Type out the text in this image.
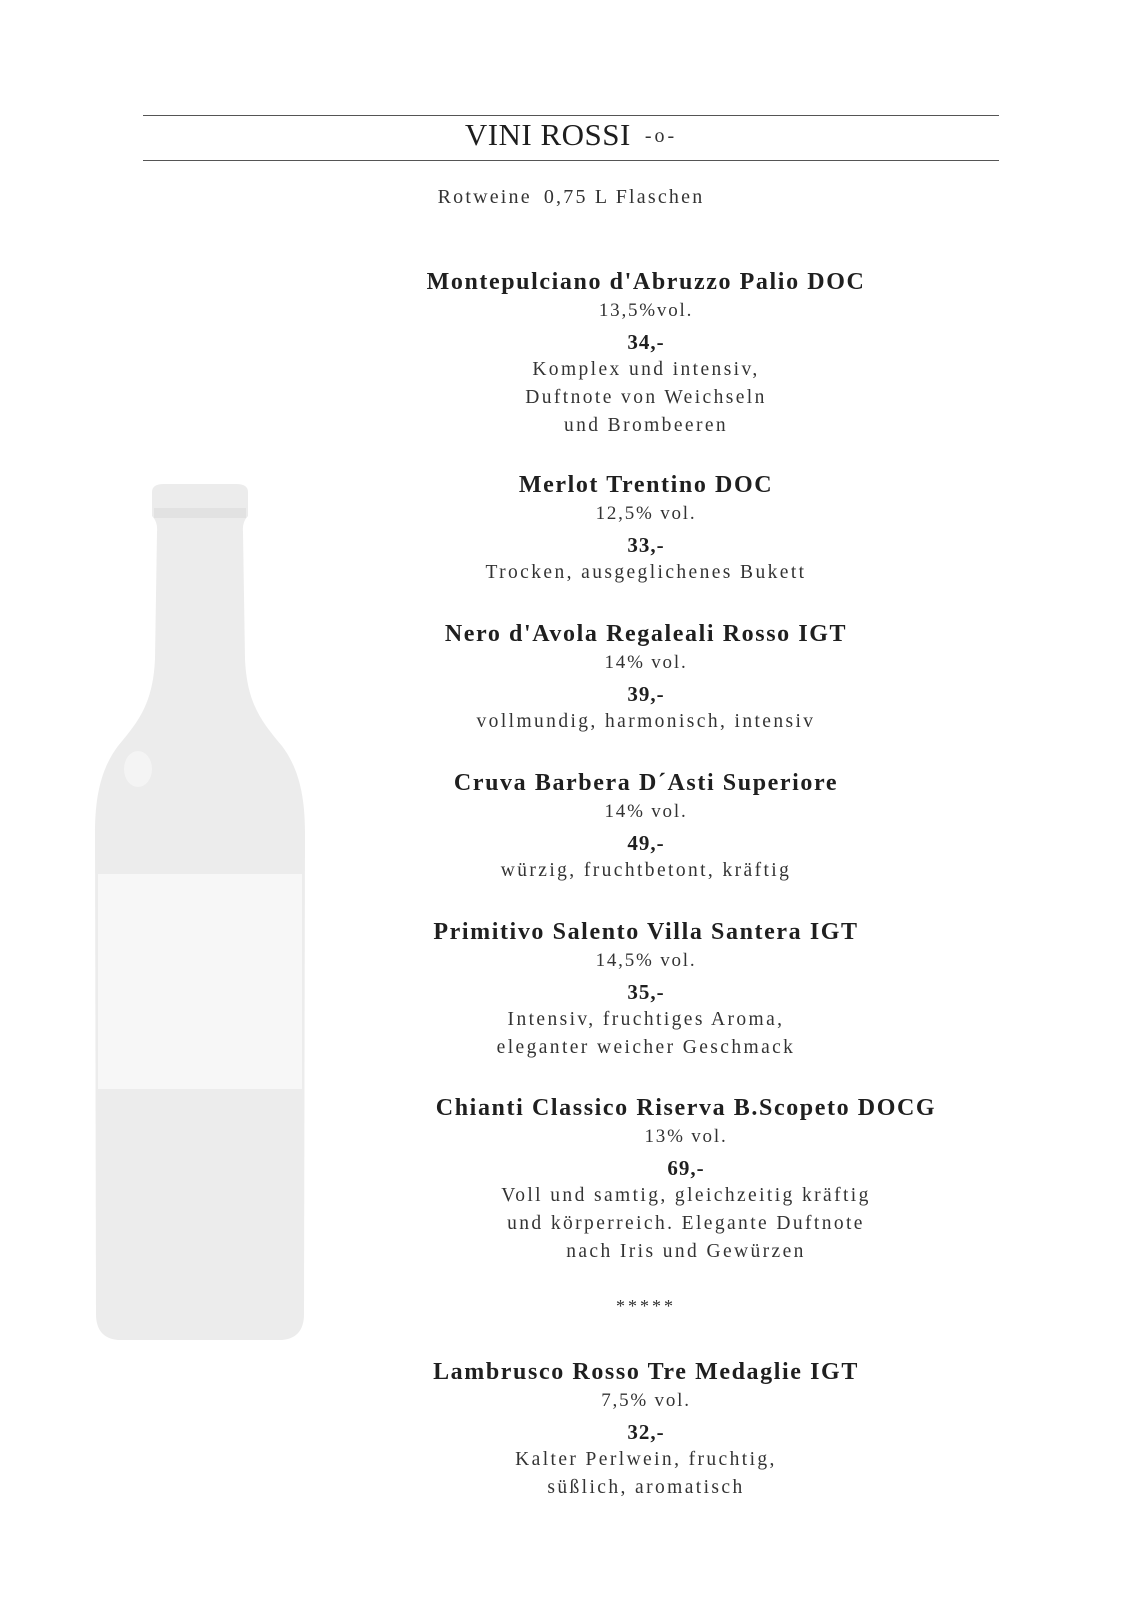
VINI ROSSI -o-
Rotweine 0,75 L Flaschen
Montepulciano d'Abruzzo Palio DOC
13,5%vol.
34,-
Komplex und intensiv,
Duftnote von Weichseln
und Brombeeren
Merlot Trentino DOC
12,5% vol.
33,-
Trocken, ausgeglichenes Bukett
Nero d'Avola Regaleali Rosso IGT
14% vol.
39,-
vollmundig, harmonisch, intensiv
Cruva Barbera D´Asti Superiore
14% vol.
49,-
würzig, fruchtbetont, kräftig
Primitivo Salento Villa Santera IGT
14,5% vol.
35,-
Intensiv, fruchtiges Aroma,
eleganter weicher Geschmack
Chianti Classico Riserva B.Scopeto DOCG
13% vol.
69,-
Voll und samtig, gleichzeitig kräftig
und körperreich. Elegante Duftnote
nach Iris und Gewürzen
*****
Lambrusco Rosso Tre Medaglie IGT
7,5% vol.
32,-
Kalter Perlwein, fruchtig,
süßlich, aromatisch
